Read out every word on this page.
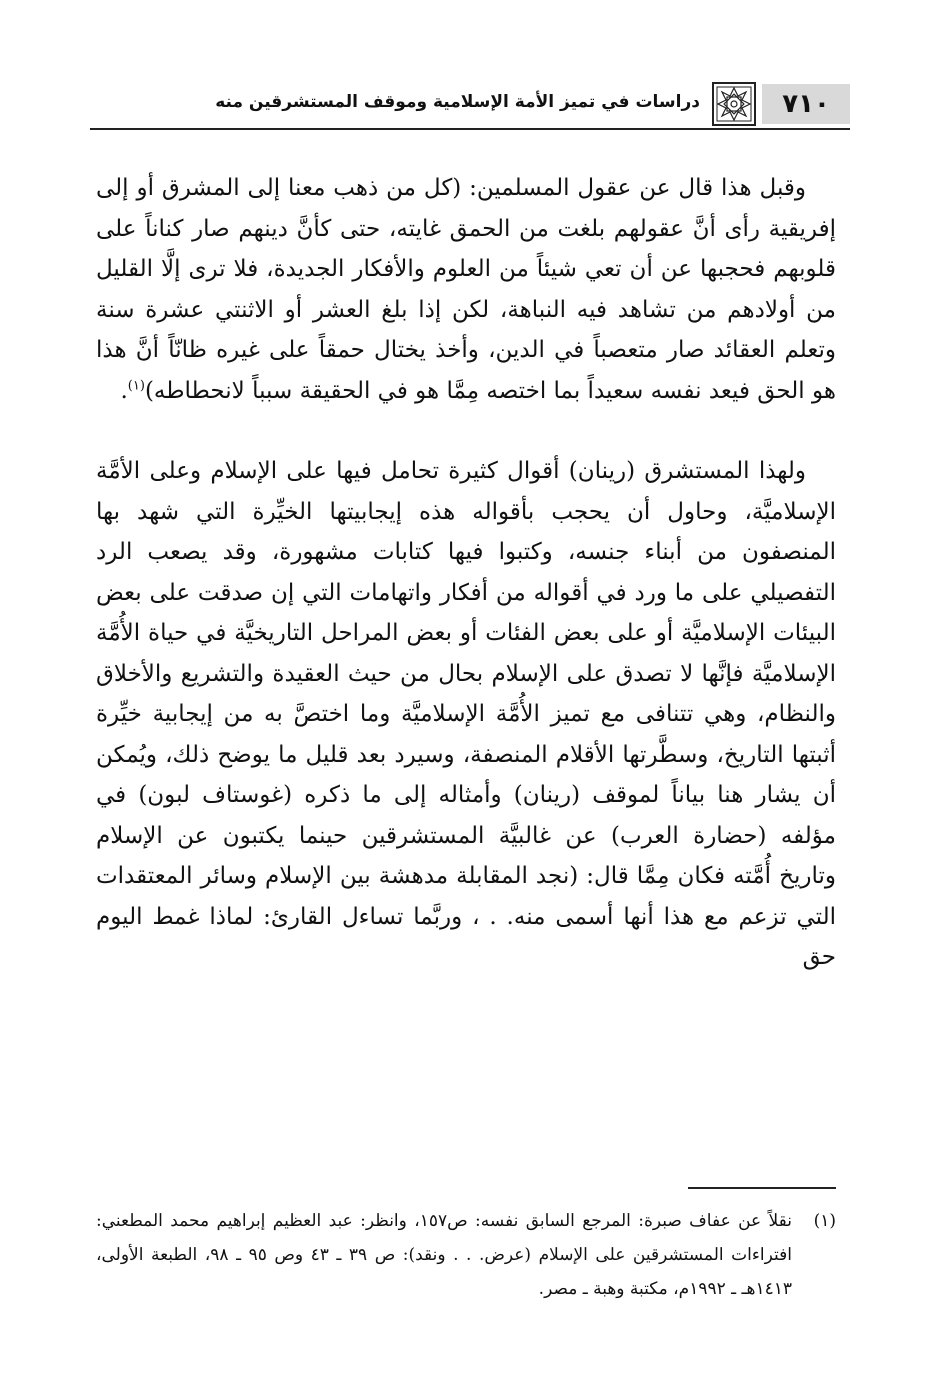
٧١٠
دراسات في تميز الأمة الإسلامية وموقف المستشرقين منه

وقبل هذا قال عن عقول المسلمين: (كل من ذهب معنا إلى المشرق أو إلى إفريقية رأى أنَّ عقولهم بلغت من الحمق غايته، حتى كأنَّ دينهم صار كناناً على قلوبهم فحجبها عن أن تعي شيئاً من العلوم والأفكار الجديدة، فلا ترى إلَّا القليل من أولادهم من تشاهد فيه النباهة، لكن إذا بلغ العشر أو الاثنتي عشرة سنة وتعلم العقائد صار متعصباً في الدين، وأخذ يختال حمقاً على غيره ظانّاً أنَّ هذا هو الحق فيعد نفسه سعيداً بما اختصه مِمَّا هو في الحقيقة سبباً لانحطاطه)$^{(١)}$.

ولهذا المستشرق (رينان) أقوال كثيرة تحامل فيها على الإسلام وعلى الأمَّة الإسلاميَّة، وحاول أن يحجب بأقواله هذه إيجابيتها الخيِّرة التي شهد بها المنصفون من أبناء جنسه، وكتبوا فيها كتابات مشهورة، وقد يصعب الرد التفصيلي على ما ورد في أقواله من أفكار واتهامات التي إن صدقت على بعض البيئات الإسلاميَّة أو على بعض الفئات أو بعض المراحل التاريخيَّة في حياة الأُمَّة الإسلاميَّة فإنَّها لا تصدق على الإسلام بحال من حيث العقيدة والتشريع والأخلاق والنظام، وهي تتنافى مع تميز الأُمَّة الإسلاميَّة وما اختصَّ به من إيجابية خيِّرة أثبتها التاريخ، وسطَّرتها الأقلام المنصفة، وسيرد بعد قليل ما يوضح ذلك، ويُمكن أن يشار هنا بياناً لموقف (رينان) وأمثاله إلى ما ذكره (غوستاف لبون) في مؤلفه (حضارة العرب) عن غالبيَّة المستشرقين حينما يكتبون عن الإسلام وتاريخ أُمَّته فكان مِمَّا قال: (نجد المقابلة مدهشة بين الإسلام وسائر المعتقدات التي تزعم مع هذا أنها أسمى منه. . ، وربَّما تساءل القارئ: لماذا غمط اليوم حق

(١)
نقلاً عن عفاف صبرة: المرجع السابق نفسه: ص١٥٧، وانظر: عبد العظيم إبراهيم محمد المطعني: افتراءات المستشرقين على الإسلام (عرض. . . ونقد): ص ٣٩ ـ ٤٣ وص ٩٥ ـ ٩٨، الطبعة الأولى، ١٤١٣هـ ـ ١٩٩٢م، مكتبة وهبة ـ مصر.
